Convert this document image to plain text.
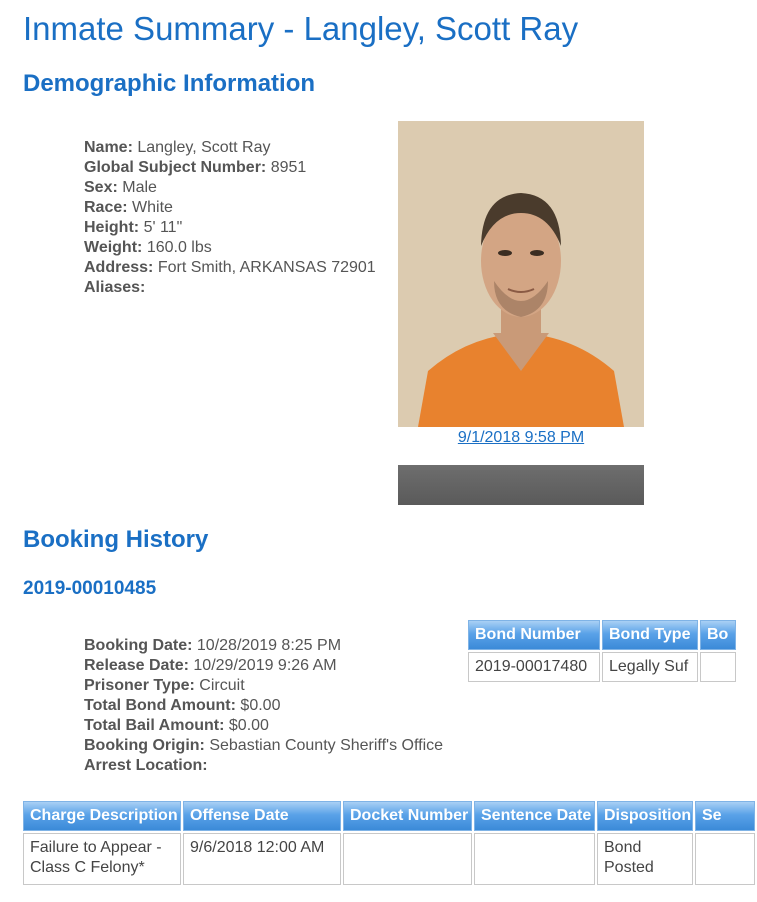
Inmate Summary - Langley, Scott Ray
Demographic Information
Name: Langley, Scott Ray
Global Subject Number: 8951
Sex: Male
Race: White
Height: 5' 11"
Weight: 160.0 lbs
Address: Fort Smith, ARKANSAS 72901
Aliases:
9/1/2018 9:58 PM
Booking History
2019-00010485
Booking Date: 10/28/2019 8:25 PM
Release Date: 10/29/2019 9:26 AM
Prisoner Type: Circuit
Total Bond Amount: $0.00
Total Bail Amount: $0.00
Booking Origin: Sebastian County Sheriff's Office
Arrest Location:
Bond Number	Bond Type	Bo
2019-00017480	Legally Suf	
Charge Description	Offense Date	Docket Number	Sentence Date	Disposition	Se
Failure to Appear - Class C Felony*	9/6/2018 12:00 AM			Bond Posted	
